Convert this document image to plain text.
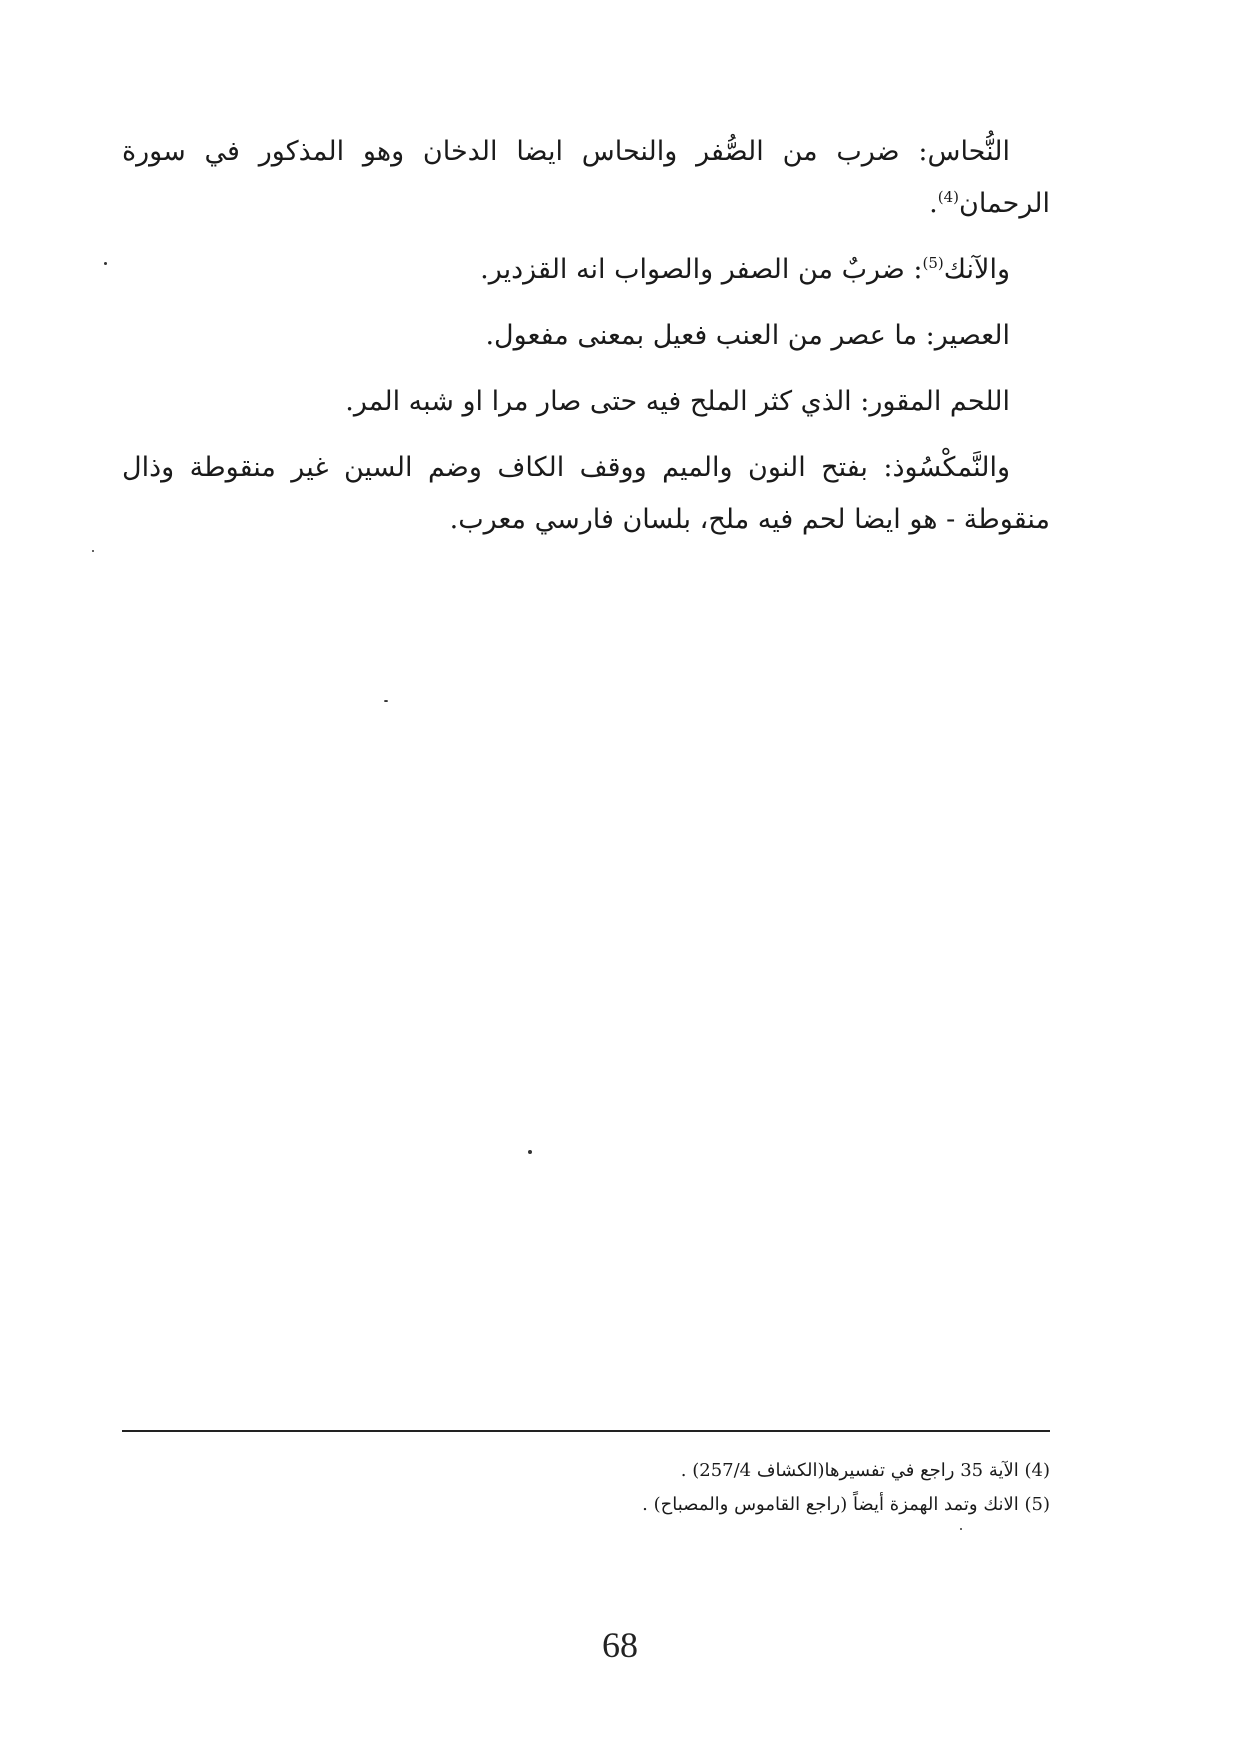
النُّحاس: ضرب من الصُّفر والنحاس ايضا الدخان وهو المذكور في سورة الرحمان$^{(4)}$.

والآنك$^{(5)}$: ضربٌ من الصفر والصواب انه القزدير.

العصير: ما عصر من العنب فعيل بمعنى مفعول.

اللحم المقور: الذي كثر الملح فيه حتى صار مرا او شبه المر.

والنَّمكْسُوذ: بفتح النون والميم ووقف الكاف وضم السين غير منقوطة وذال منقوطة - هو ايضا لحم فيه ملح، بلسان فارسي معرب.

(4) الآية 35 راجع في تفسيرها(الكشاف 257/4) .

(5) الانك وتمد الهمزة أيضاً (راجع القاموس والمصباح) .

68
